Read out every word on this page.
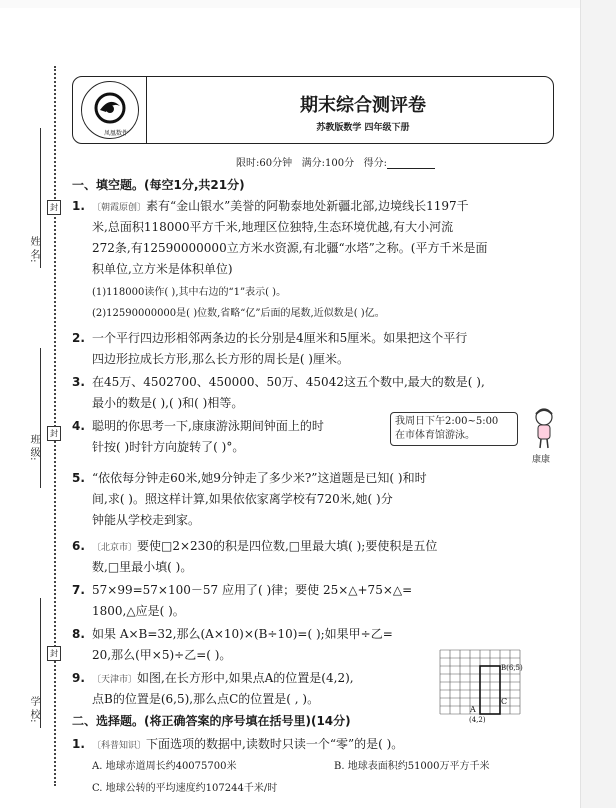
姓 名:
班 级:
学 校:
封
封
封
凤凰数件
期末综合测评卷
苏教版数学 四年级下册
限时:60分钟 满分:100分 得分:
一、填空题。(每空1分,共21分)
1. 〔朝霞原创〕素有“金山银水”美誉的阿勒泰地处新疆北部,边境线长1197千
米,总面积118000平方千米,地理区位独特,生态环境优越,有大小河流
272条,有12590000000立方米水资源,有北疆“水塔”之称。(平方千米是面
积单位,立方米是体积单位)
(1)118000读作( ),其中右边的“1”表示( )。
(2)12590000000是( )位数,省略“亿”后面的尾数,近似数是( )亿。
2. 一个平行四边形相邻两条边的长分别是4厘米和5厘米。如果把这个平行
四边形拉成长方形,那么长方形的周长是( )厘米。
3. 在45万、4502700、450000、50万、45042这五个数中,最大的数是( ),
最小的数是( ),( )和( )相等。
4. 聪明的你思考一下,康康游泳期间钟面上的时
针按( )时针方向旋转了( )°。
我周日下午2:00~5:00
在市体育馆游泳。
康康
5. “依依每分钟走60米,她9分钟走了多少米?”这道题是已知( )和时
间,求( )。照这样计算,如果依依家离学校有720米,她( )分
钟能从学校走到家。
6. 〔北京市〕要使□2×230的积是四位数,□里最大填( );要使积是五位
数,□里最小填( )。
7. 57×99=57×100－57 应用了( )律；要使 25×△+75×△=
1800,△应是( )。
8. 如果 A×B=32,那么(A×10)×(B÷10)=( );如果甲÷乙=
20,那么(甲×5)÷乙=( )。
9. 〔天津市〕如图,在长方形中,如果点A的位置是(4,2),
点B的位置是(6,5),那么点C的位置是( , )。
A
(4,2)
B(6,5)
C
二、选择题。(将正确答案的序号填在括号里)(14分)
1. 〔科普知识〕下面选项的数据中,读数时只读一个“零”的是( )。
A. 地球赤道周长约40075700米	B. 地球表面积约51000万平方千米
C. 地球公转的平均速度约107244千米/时
